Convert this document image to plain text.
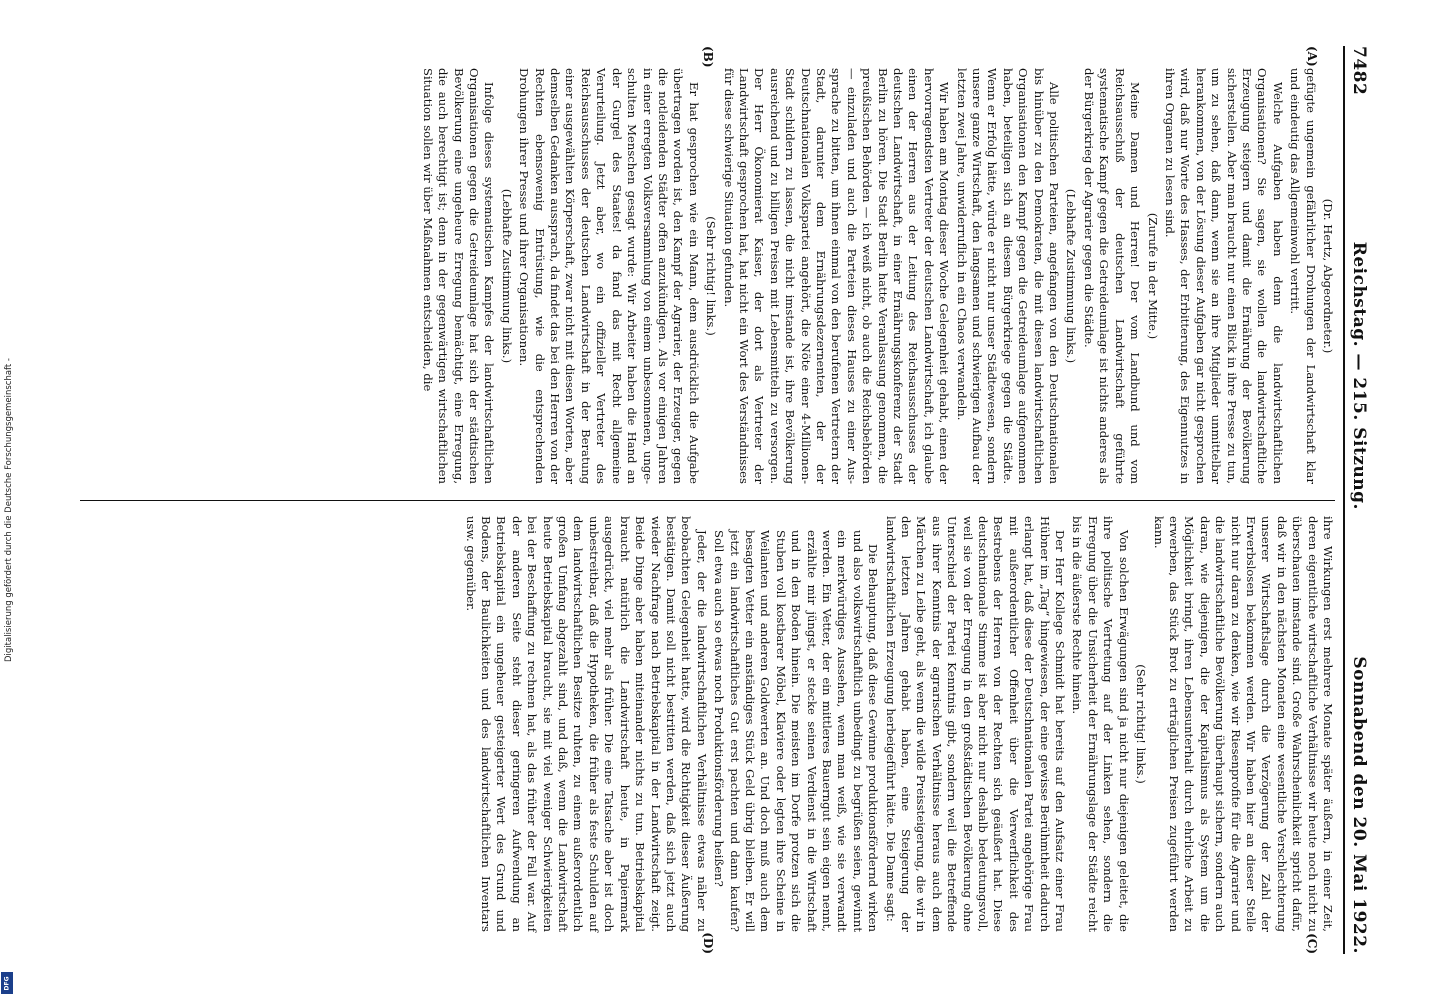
Digitalisierung gefördert durch die Deutsche Forschungsgemeinschaft -
DFG
7482
Reichstag. — 215. Sitzung.
Sonnabend den 20. Mai 1922.
(A)
(B)

(Dr. Hertz, Abgeordneter.)

gefügte ungemein gefährlicher Drohungen der Landwirtschaft klar und eindeutig das Allgemeinwohl vertritt.

Welche Aufgaben haben denn die landwirtschaftlichen Organisationen? Sie sagen, sie wollen die landwirtschaftliche Erzeugung steigern und damit die Ernährung der Bevölkerung sicherstellen. Aber man braucht nur einen Blick in ihre Presse zu tun, um zu sehen, daß dann, wenn sie an ihre Mitglieder unmittelbar herankommen, von der Lösung dieser Aufgaben gar nicht gesprochen wird, daß nur Worte des Hasses, der Erbitterung, des Eigennutzes in ihren Organen zu lesen sind.

(Zurufe in der Mitte.)

Meine Damen und Herren! Der vom Landbund und vom Reichsausschuß der deutschen Landwirtschaft geführte systematische Kampf gegen die Getreideumlage ist nichts anderes als der Bürgerkrieg der Agrarier gegen die Städte.

(Lebhafte Zustimmung links.)

Alle politischen Parteien, angefangen von den Deutschnationalen bis hinüber zu den Demokraten, die mit diesen landwirtschaftlichen Organisationen den Kampf gegen die Getreideumlage aufgenommen haben, beteiligen sich an diesem Bürgerkriege gegen die Städte. Wenn er Erfolg hätte, würde er nicht nur unser Städtewesen, sondern unsere ganze Wirtschaft, den langsamen und schwierigen Aufbau der letzten zwei Jahre, unwiderruflich in ein Chaos verwandeln.

Wir haben am Montag dieser Woche Gelegenheit gehabt, einen der hervorragendsten Vertreter der deutschen Landwirtschaft, ich glaube einen der Herren aus der Leitung des Reichsausschusses der deutschen Landwirtschaft, in einer Ernährungskonferenz der Stadt Berlin zu hören. Die Stadt Berlin hatte Veranlassung genommen, die preußischen Behörden — ich weiß nicht, ob auch die Reichsbehörden — einzuladen und auch die Parteien dieses Hauses zu einer Aussprache zu bitten, um ihnen einmal von den berufenen Vertretern der Stadt, darunter dem Ernährungsdezernenten, der der Deutschnationalen Volkspartei angehört, die Nöte einer 4-Millionen-Stadt schildern zu lassen, die nicht imstande ist, ihre Bevölkerung ausreichend und zu billigen Preisen mit Lebensmitteln zu versorgen. Der Herr Ökonomierat Kaiser, der dort als Vertreter der Landwirtschaft gesprochen hat, hat nicht ein Wort des Verständnisses für diese schwierige Situation gefunden.

(Sehr richtig! links.)

Er hat gesprochen wie ein Mann, dem ausdrücklich die Aufgabe übertragen worden ist, den Kampf der Agrarier, der Erzeuger, gegen die notleidenden Städter offen anzukündigen. Als vor einigen Jahren in einer erregten Volksversammlung von einem unbesonnenen, ungeschulten Menschen gesagt wurde: Wir Arbeiter haben die Hand an der Gurgel des Staates! da fand das mit Recht allgemeine Verurteilung. Jetzt aber, wo ein offizieller Vertreter des Reichsausschusses der deutschen Landwirtschaft in der Beratung einer ausgewählten Körperschaft, zwar nicht mit diesen Worten, aber demselben Gedanken aussprach, da findet das bei den Herren von der Rechten ebensowenig Entrüstung, wie die entsprechenden Drohungen ihrer Presse und ihrer Organisationen.

(Lebhafte Zustimmung links.)

Infolge dieses systematischen Kampfes der landwirtschaftlichen Organisationen gegen die Getreideumlage hat sich der städtischen Bevölkerung eine ungeheure Erregung bemächtigt, eine Erregung, die auch berechtigt ist; denn in der gegenwärtigen wirtschaftlichen Situation sollen wir über Maßnahmen entscheiden, die

(C)
(D)

ihre Wirkungen erst mehrere Monate später äußern, in einer Zeit, deren eigentliche wirtschaftliche Verhältnisse wir heute noch nicht zu überschauen imstande sind. Große Wahrscheinlichkeit spricht dafür, daß wir in den nächsten Monaten eine wesentliche Verschlechterung unserer Wirtschaftslage durch die Verzögerung der Zahl der Erwerbslosen bekommen werden. Wir haben hier an dieser Stelle nicht nur daran zu denken, wie wir Riesenprofite für die Agrarier und die landwirtschaftliche Bevölkerung überhaupt sichern, sondern auch daran, wie diejenigen, die der Kapitalismus als System um die Möglichkeit bringt, ihren Lebensunterhalt durch ehrliche Arbeit zu erwerben, das Stück Brot zu erträglichen Preisen zugeführt werden kann.

(Sehr richtig! links.)

Von solchen Erwägungen sind ja nicht nur diejenigen geleitet, die ihre politische Vertretung auf der Linken sehen, sondern die Erregung über die Unsicherheit der Ernährungslage der Städte reicht bis in die äußerste Rechte hinein.

Der Herr Kollege Schmidt hat bereits auf den Aufsatz einer Frau Hübner im „Tag“ hingewiesen, der eine gewisse Berühmtheit dadurch erlangt hat, daß diese der Deutschnationalen Partei angehörige Frau mit außerordentlicher Offenheit über die Verwerflichkeit des Bestrebens der Herren von der Rechten sich geäußert hat. Diese deutschnationale Stimme ist aber nicht nur deshalb bedeutungsvoll, weil sie von der Erregung in den großstädtischen Bevölkerung ohne Unterschied der Partei Kenntnis gibt, sondern weil die Betreffende aus ihrer Kenntnis der agrarischen Verhältnisse heraus auch dem Märchen zu Leibe geht, als wenn die wilde Preissteigerung, die wir in den letzten Jahren gehabt haben, eine Steigerung der landwirtschaftlichen Erzeugung herbeigeführt hätte. Die Dame sagt:

Die Behauptung, daß diese Gewinne produktionsfördernd wirken und also volkswirtschaftlich unbedingt zu begrüßen seien, gewinnt ein merkwürdiges Aussehen, wenn man weiß, wie sie verwandt werden. Ein Vetter, der ein mittleres Bauerngut sein eigen nennt, erzählte mir jüngst, er stecke seinen Verdienst in die Wirtschaft und in den Boden hinein. Die meisten im Dorfe protzen sich die Stuben voll kostbarer Möbel, Klaviere oder legten ihre Scheine in Weilanten und anderen Goldwerten an. Und doch muß auch dem besagten Vetter ein anständiges Stück Geld übrig bleiben. Er will jetzt ein landwirtschaftliches Gut erst pachten und dann kaufen? Soll etwa auch so etwas noch Produktionsförderung heißen?

Jeder, der die landwirtschaftlichen Verhältnisse etwas näher zu beobachten Gelegenheit hatte, wird die Richtigkeit dieser Äußerung bestätigen. Damit soll nicht bestritten werden, daß sich jetzt auch wieder Nachfrage nach Betriebskapital in der Landwirtschaft zeigt. Beide Dinge aber haben miteinander nichts zu tun. Betriebskapital braucht natürlich die Landwirtschaft heute, in Papiermark ausgedrückt, viel mehr als früher. Die eine Tatsache aber ist doch unbestreitbar, daß die Hypotheken, die früher als feste Schulden auf dem landwirtschaftlichen Besitze ruhten, zu einem außerordentlich großen Umfang abgezahlt sind, und daß, wenn die Landwirtschaft heute Betriebskapital braucht, sie mit viel weniger Schwierigkeiten bei der Beschaffung zu rechnen hat, als das früher der Fall war. Auf der anderen Seite steht dieser geringeren Aufwendung an Betriebskapital ein ungeheuer gesteigerter Wert des Grund und Bodens, der Baulichkeiten und des landwirtschaftlichen Inventars usw. gegenüber.
